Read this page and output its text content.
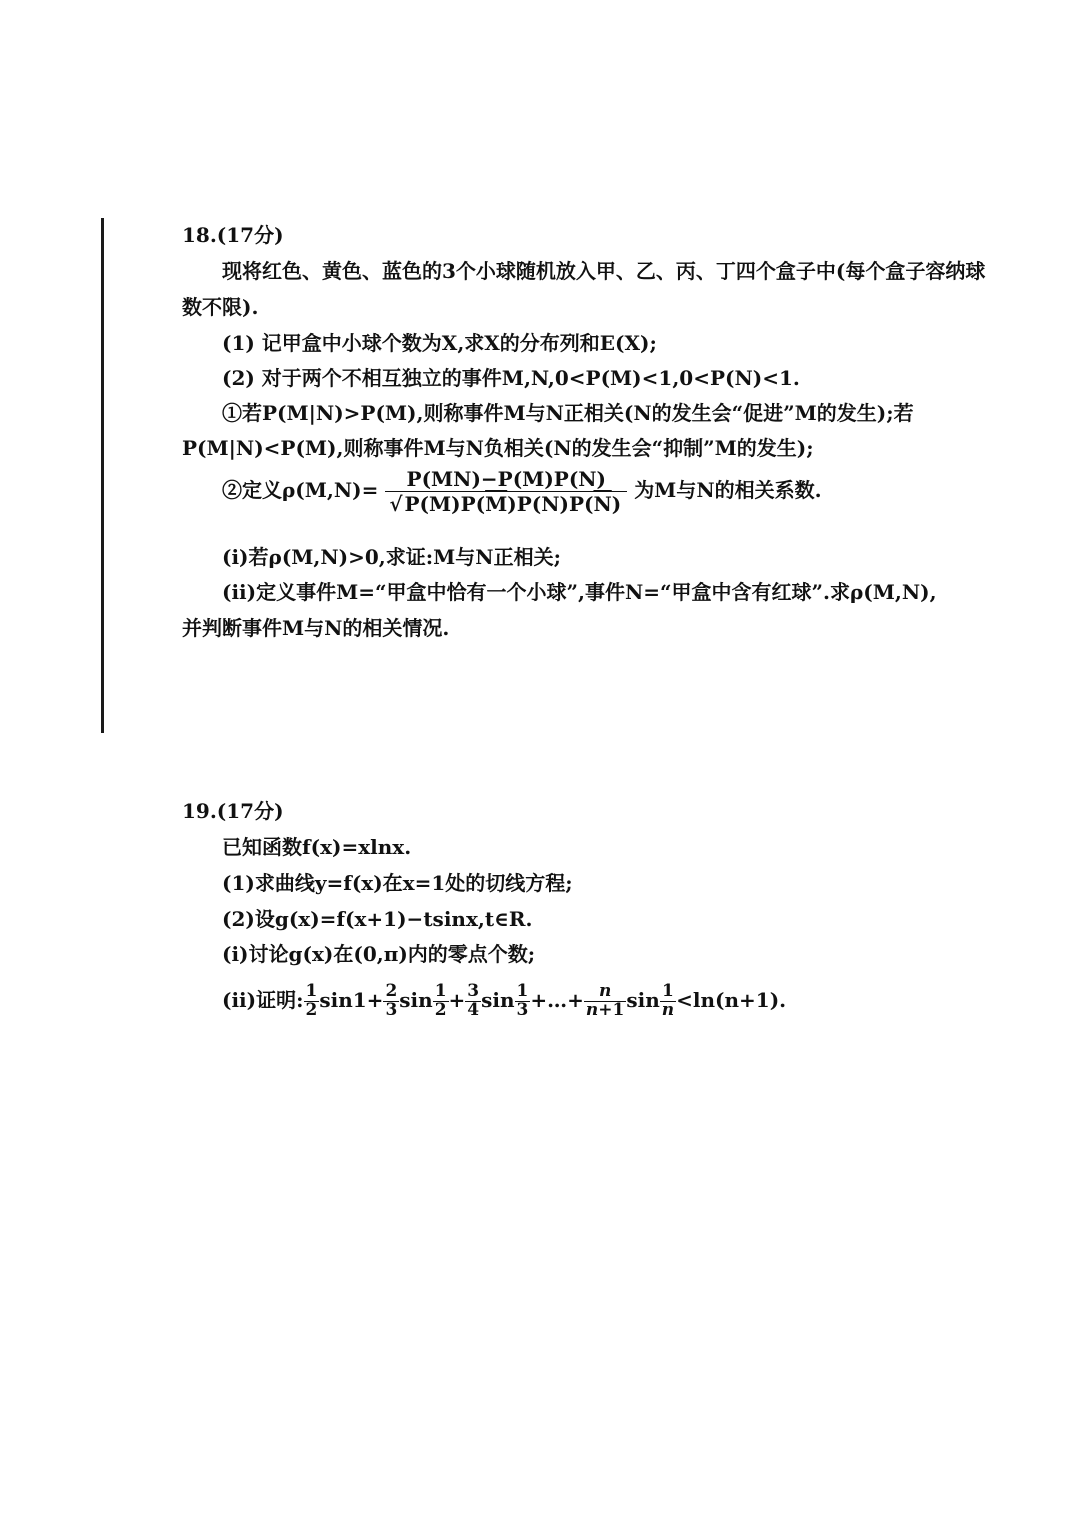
18.(17分)
现将红色、黄色、蓝色的3个小球随机放入甲、乙、丙、丁四个盒子中(每个盒子容纳球
数不限).
(1) 记甲盒中小球个数为X,求X的分布列和E(X);
(2) 对于两个不相互独立的事件M,N,0<P(M)<1,0<P(N)<1.
①若P(M|N)>P(M),则称事件M与N正相关(N的发生会“促进”M的发生);若
P(M|N)<P(M),则称事件M与N负相关(N的发生会“抑制”M的发生);
②定义$\rho(M,N)= \frac{P(MN)-P(M)P(N)}{√ P(M)P(\overline{M})P(N)P(\overline{N})}$ 为M与N的相关系数.
(i)若ρ(M,N)>0,求证:M与N正相关;
(ii)定义事件M=“甲盒中恰有一个小球”,事件N=“甲盒中含有红球”.求ρ(M,N),
并判断事件M与N的相关情况.
19.(17分)
已知函数f(x)=xlnx.
(1)求曲线y=f(x)在x=1处的切线方程;
(2)设g(x)=f(x+1)−tsinx,t∈R.
(i)讨论g(x)在(0,π)内的零点个数;
(ii)证明: $\frac{1}{2} \sin 1+ \frac{2}{3}$ $\sin \frac{1}{2} + \frac{3}{4}$ $\sin \frac{1}{3}$ +…+ $\frac{n}{n+1}$ $\sin \frac{1}{n} <\ln(n+1)$.
